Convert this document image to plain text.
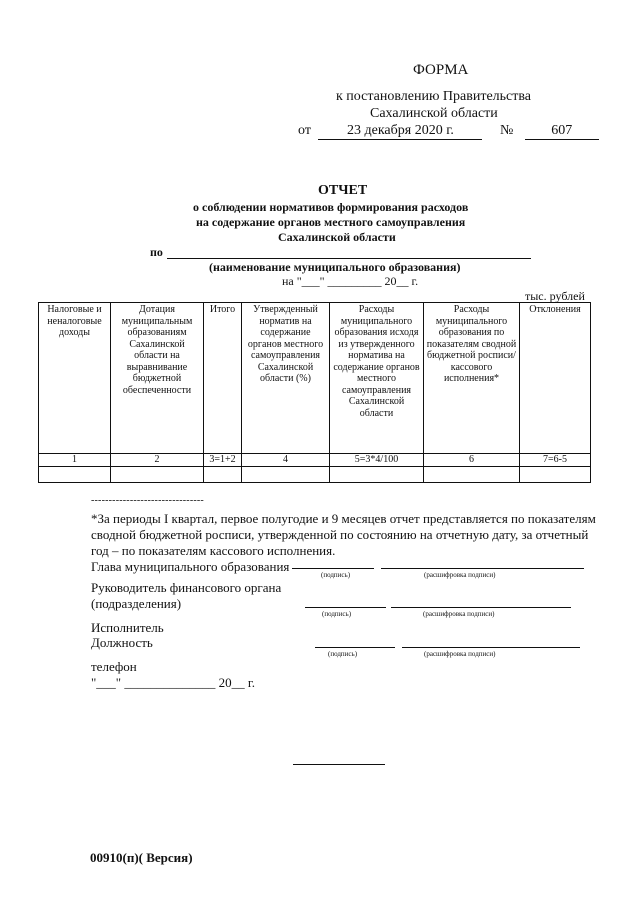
ФОРМА
к постановлению Правительства
Сахалинской области
от	23 декабря 2020 г.	№	607
ОТЧЕТ
о соблюдении нормативов формирования расходов
на содержание органов местного самоуправления
Сахалинской области
по
(наименование муниципального образования)
на "___" _________ 20__ г.
тыс. рублей
Налоговые и неналоговые доходы	Дотация муниципальным образованиям Сахалинской области на выравнивание бюджетной обеспеченности	Итого	Утвержденный норматив на содержание органов местного самоуправления Сахалинской области (%)	Расходы муниципального образования исходя из утвержденного норматива на содержание органов местного самоуправления Сахалинской области	Расходы муниципального образования по показателям сводной бюджетной росписи/ кассового исполнения*	Отклонения
1	2	3=1+2	4	5=3*4/100	6	7=6-5

--------------------------------
*За периоды I квартал, первое полугодие и 9 месяцев отчет представляется по показателям
сводной бюджетной росписи, утвержденной по состоянию на отчетную дату, за отчетный
год – по показателям кассового исполнения.
Глава муниципального образования
(подпись)	(расшифровка подписи)
Руководитель финансового органа
(подразделения)
(подпись)	(расшифровка подписи)
Исполнитель
Должность
(подпись)	(расшифровка подписи)
телефон
"___" ______________ 20__ г.
00910(п)( Версия)
